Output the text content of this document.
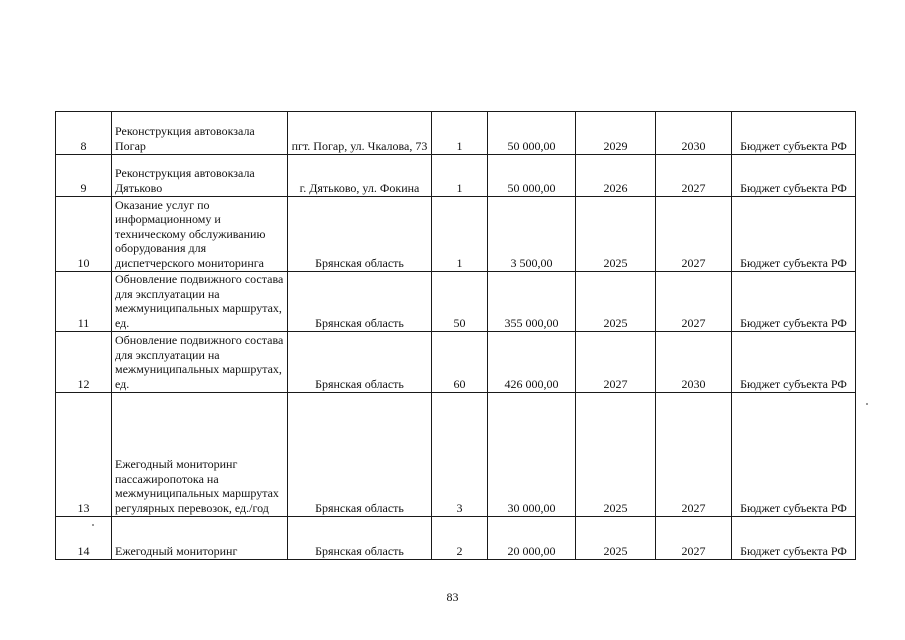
8	Реконструкция автовокзала Погар	пгт. Погар, ул. Чкалова, 73	1	50 000,00	2029	2030	Бюджет субъекта РФ
9	Реконструкция автовокзала Дятьково	г. Дятьково, ул. Фокина	1	50 000,00	2026	2027	Бюджет субъекта РФ
10	Оказание услуг по информационному и техническому обслуживанию оборудования для диспетчерского мониторинга	Брянская область	1	3 500,00	2025	2027	Бюджет субъекта РФ
11	Обновление подвижного состава для эксплуатации на межмуниципальных маршрутах, ед.	Брянская область	50	355 000,00	2025	2027	Бюджет субъекта РФ
12	Обновление подвижного состава для эксплуатации на межмуниципальных маршрутах, ед.	Брянская область	60	426 000,00	2027	2030	Бюджет субъекта РФ
13	Ежегодный мониторинг пассажиропотока на межмуниципальных маршрутах регулярных перевозок, ед./год	Брянская область	3	30 000,00	2025	2027	Бюджет субъекта РФ
14	Ежегодный мониторинг	Брянская область	2	20 000,00	2025	2027	Бюджет субъекта РФ
83
